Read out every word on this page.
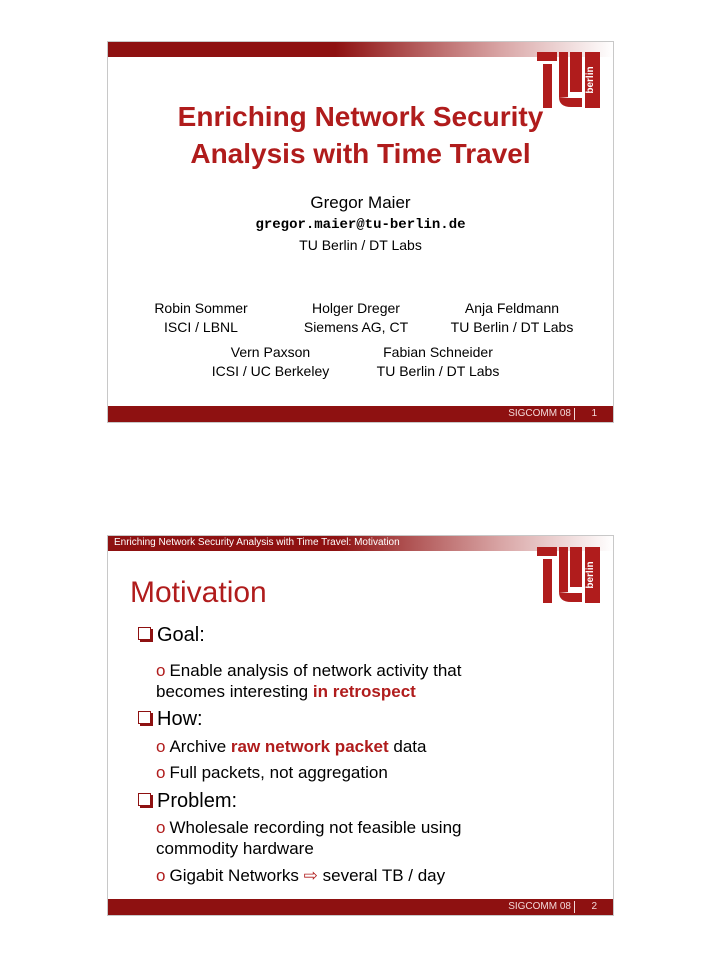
berlin
Enriching Network Security
Analysis with Time Travel
Gregor Maier
gregor.maier@tu-berlin.de
TU Berlin / DT Labs
Robin Sommer
ISCI / LBNL
Holger Dreger
Siemens AG, CT
Anja Feldmann
TU Berlin / DT Labs
Vern Paxson
ICSI / UC Berkeley
Fabian Schneider
TU Berlin / DT Labs
SIGCOMM 08 1
Enriching Network Security Analysis with Time Travel: Motivation
berlin
Motivation
Goal:
o Enable analysis of network activity that becomes interesting in retrospect
How:
o Archive raw network packet data
o Full packets, not aggregation
Problem:
o Wholesale recording not feasible using commodity hardware
o Gigabit Networks ⇨ several TB / day
SIGCOMM 08 2
